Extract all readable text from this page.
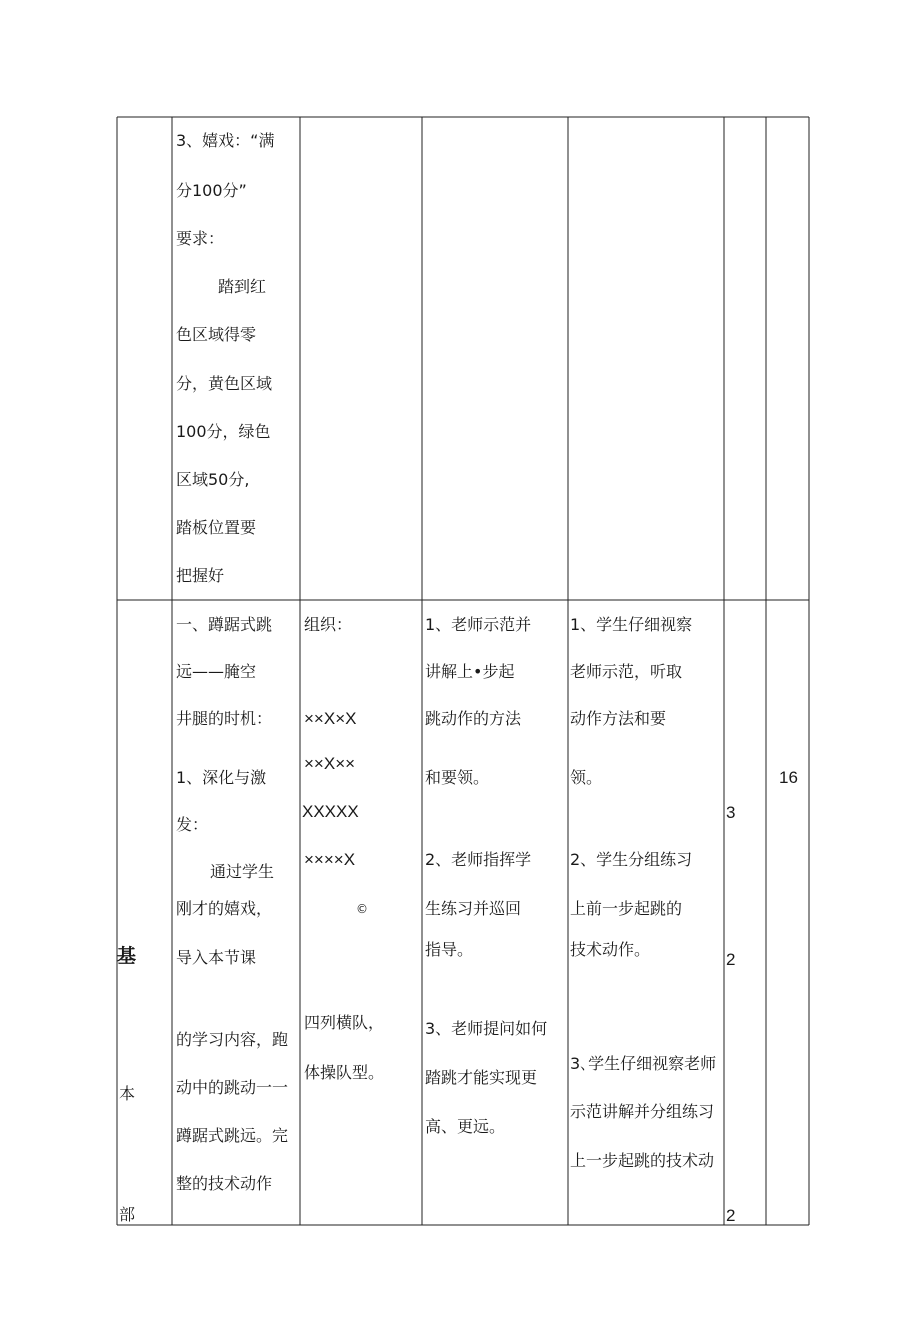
3、嬉戏：“满
分100分”
要求：
踏到红
色区域得零
分，黄色区域
100分，绿色
区域50分,
踏板位置要
把握好
基
本
部
一、蹲踞式跳
远——腌空
井腿的时机：
1、深化与激
发：
通过学生
刚才的嬉戏，
导入本节课
的学习内容，跑
动中的跳动一一
蹲踞式跳远。完
整的技术动作
组织：
××X×X
××X××
XXXXX
××××X
©
四列横队，
体操队型。
1、老师示范并
讲解上•步起
跳动作的方法
和要领。
2、老师指挥学
生练习并巡回
指导。
3、老师提问如何
踏跳才能实现更
高、更远。
1、学生仔细视察
老师示范，听取
动作方法和要
领。
2、学生分组练习
上前一步起跳的
技术动作。
3､学生仔细视察老师
示范讲解并分组练习
上一步起跳的技术动
3
2
2
16
